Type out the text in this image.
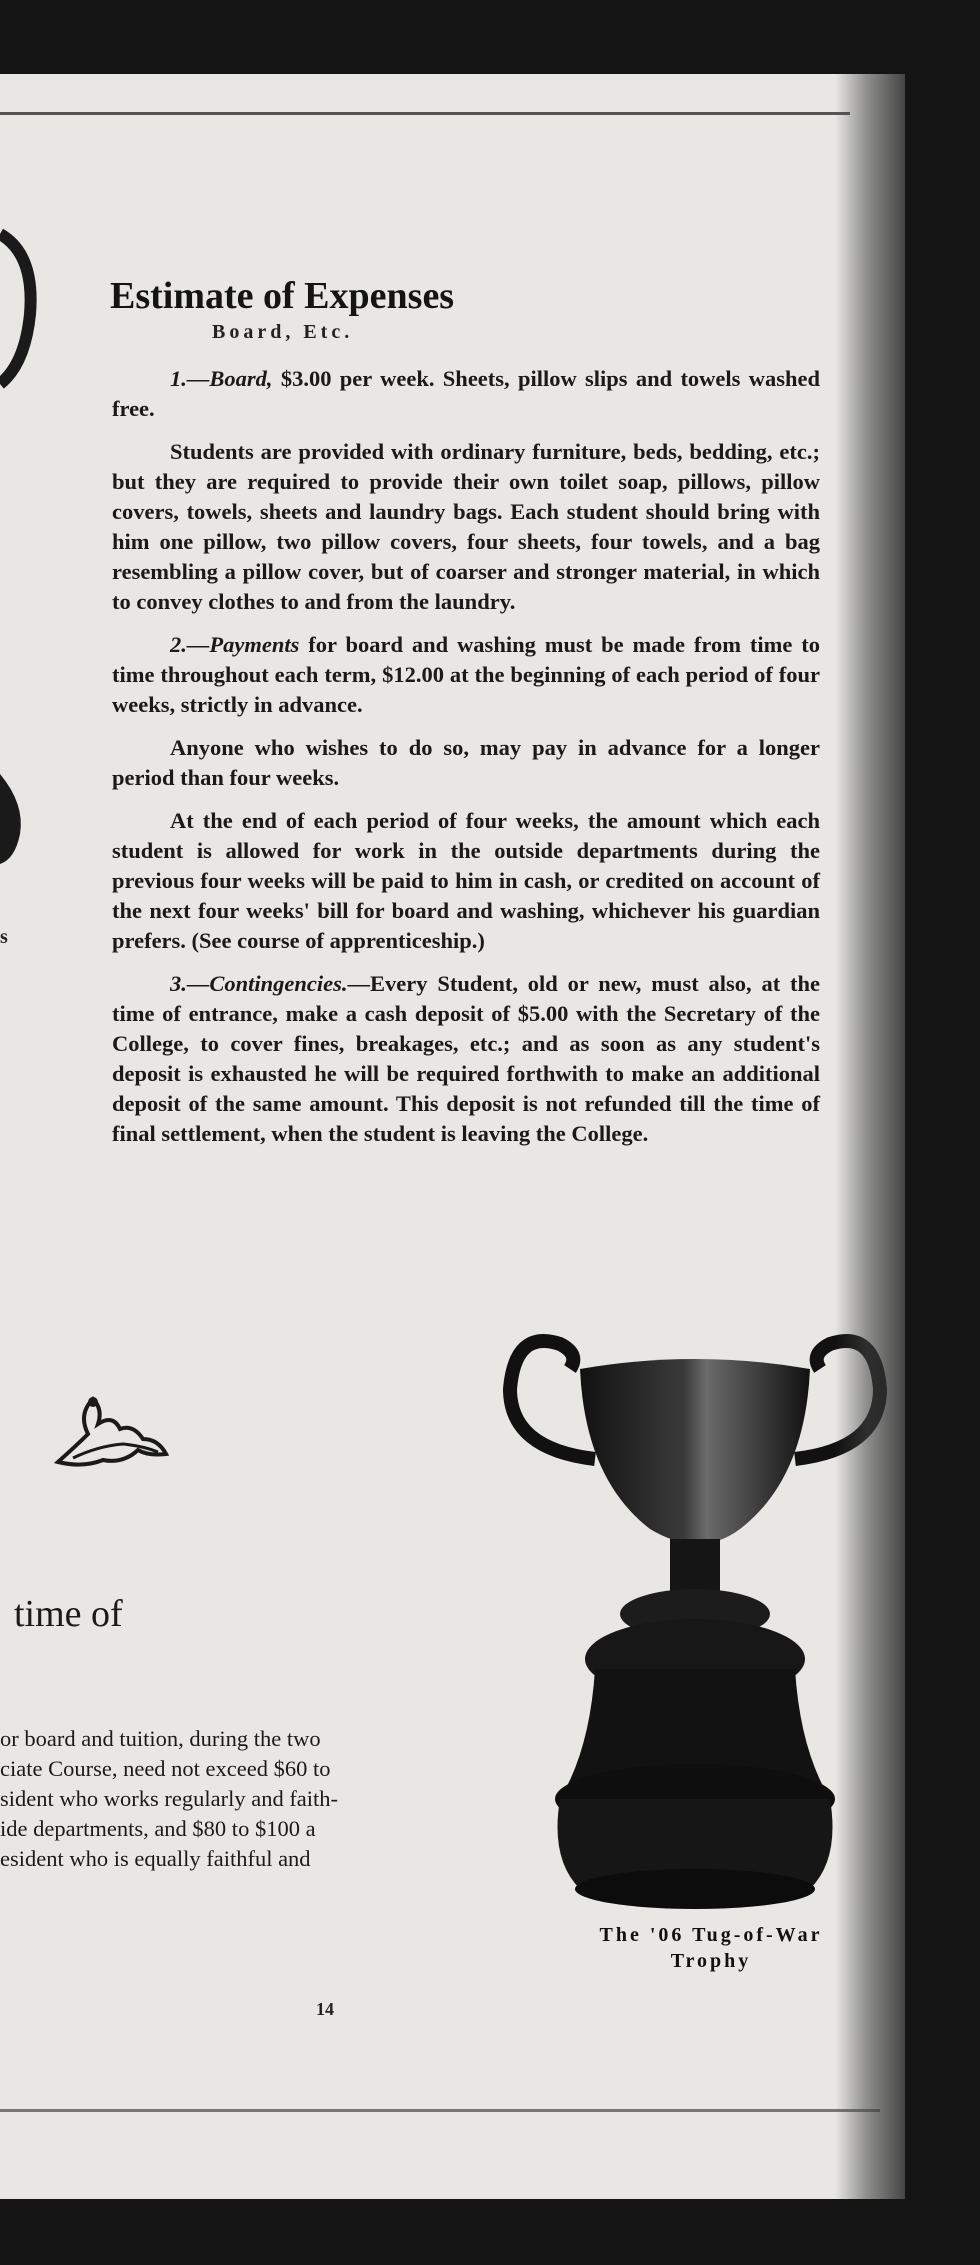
s
Estimate of Expenses
Board, Etc.

1.—Board, $3.00 per week. Sheets, pillow slips and towels washed free.

Students are provided with ordinary furniture, beds, bedding, etc.; but they are required to provide their own toilet soap, pillows, pillow covers, towels, sheets and laundry bags. Each student should bring with him one pillow, two pillow covers, four sheets, four towels, and a bag resembling a pillow cover, but of coarser and stronger material, in which to convey clothes to and from the laundry.

2.—Payments for board and washing must be made from time to time throughout each term, $12.00 at the beginning of each period of four weeks, strictly in advance.

Anyone who wishes to do so, may pay in advance for a longer period than four weeks.

At the end of each period of four weeks, the amount which each student is allowed for work in the outside departments during the previous four weeks will be paid to him in cash, or credited on account of the next four weeks' bill for board and washing, whichever his guardian prefers. (See course of apprenticeship.)

3.—Contingencies.—Every Student, old or new, must also, at the time of entrance, make a cash deposit of $5.00 with the Secretary of the College, to cover fines, breakages, etc.; and as soon as any student's deposit is exhausted he will be required forthwith to make an additional deposit of the same amount. This deposit is not refunded till the time of final settlement, when the student is leaving the College.

time of
or board and tuition, during the two
ciate Course, need not exceed $60 to
sident who works regularly and faith-
ide departments, and $80 to $100 a
esident who is equally faithful and
The '06 Tug-of-War
Trophy
14
